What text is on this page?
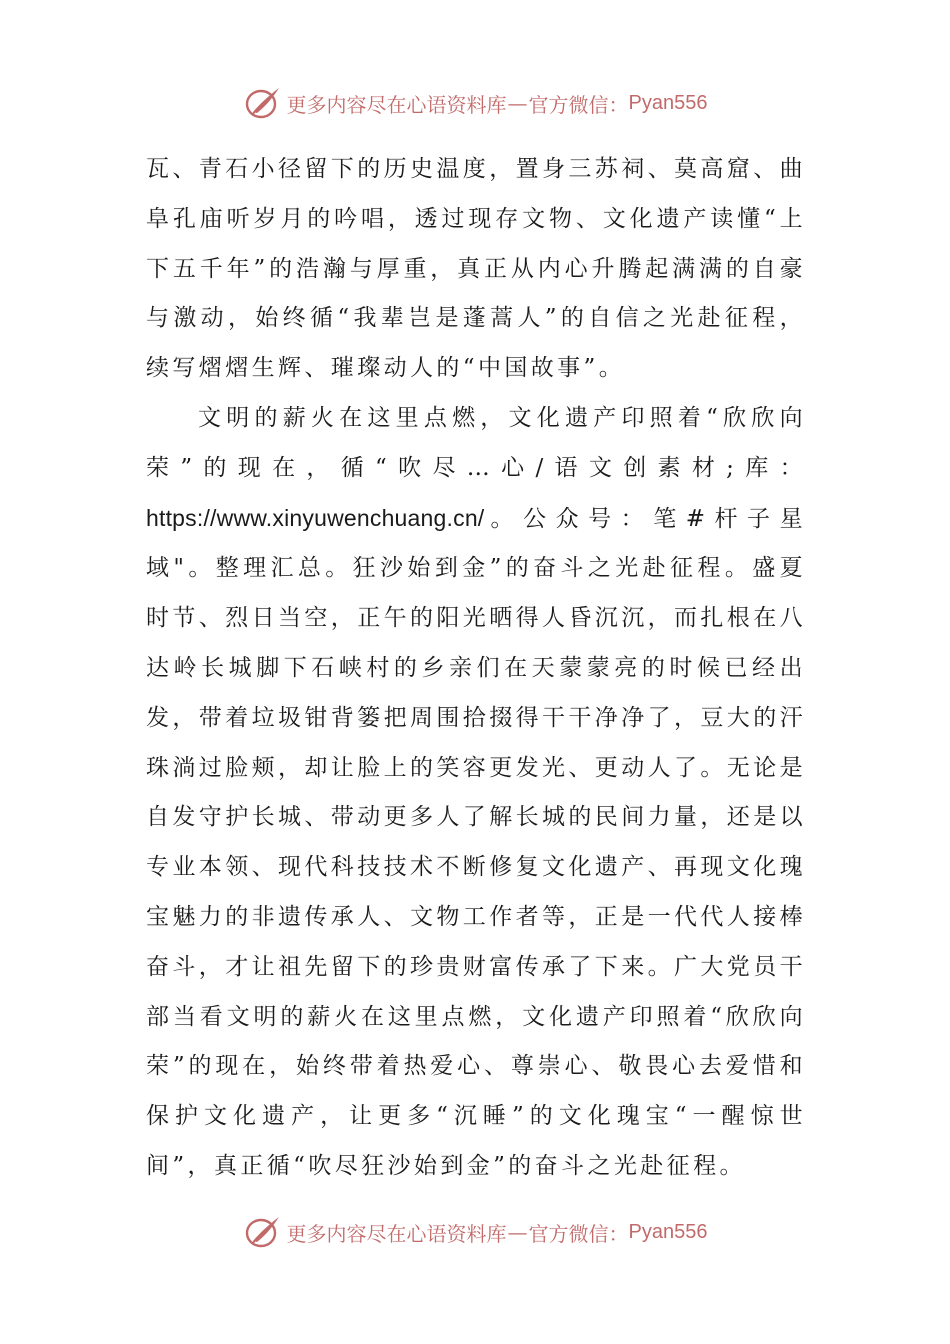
更多内容尽在心语资料库 — 官方微信： Pyan556

瓦、青石小径留下的历史温度，置身三苏祠、莫高窟、曲阜孔庙听岁月的吟唱，透过现存文物、文化遗产读懂“上下五千年”的浩瀚与厚重，真正从内心升腾起满满的自豪与激动，始终循“我辈岂是蓬蒿人”的自信之光赴征程，续写熠熠生辉、璀璨动人的“中国故事”。

文明的薪火在这里点燃，文化遗产印照着“欣欣向荣”的现在，循“吹尽…心/语文创素材;库：https://www.xinyuwenchuang.cn/。公众号：笔#杆子星域"。整理汇总。狂沙始到金”的奋斗之光赴征程。盛夏时节、烈日当空，正午的阳光晒得人昏沉沉，而扎根在八达岭长城脚下石峡村的乡亲们在天蒙蒙亮的时候已经出发，带着垃圾钳背篓把周围拾掇得干干净净了，豆大的汗珠淌过脸颊，却让脸上的笑容更发光、更动人了。无论是自发守护长城、带动更多人了解长城的民间力量，还是以专业本领、现代科技技术不断修复文化遗产、再现文化瑰宝魅力的非遗传承人、文物工作者等，正是一代代人接棒奋斗，才让祖先留下的珍贵财富传承了下来。广大党员干部当看文明的薪火在这里点燃，文化遗产印照着“欣欣向荣”的现在，始终带着热爱心、尊崇心、敬畏心去爱惜和保护文化遗产，让更多“沉睡”的文化瑰宝“一醒惊世间”，真正循“吹尽狂沙始到金”的奋斗之光赴征程。

更多内容尽在心语资料库 — 官方微信： Pyan556
